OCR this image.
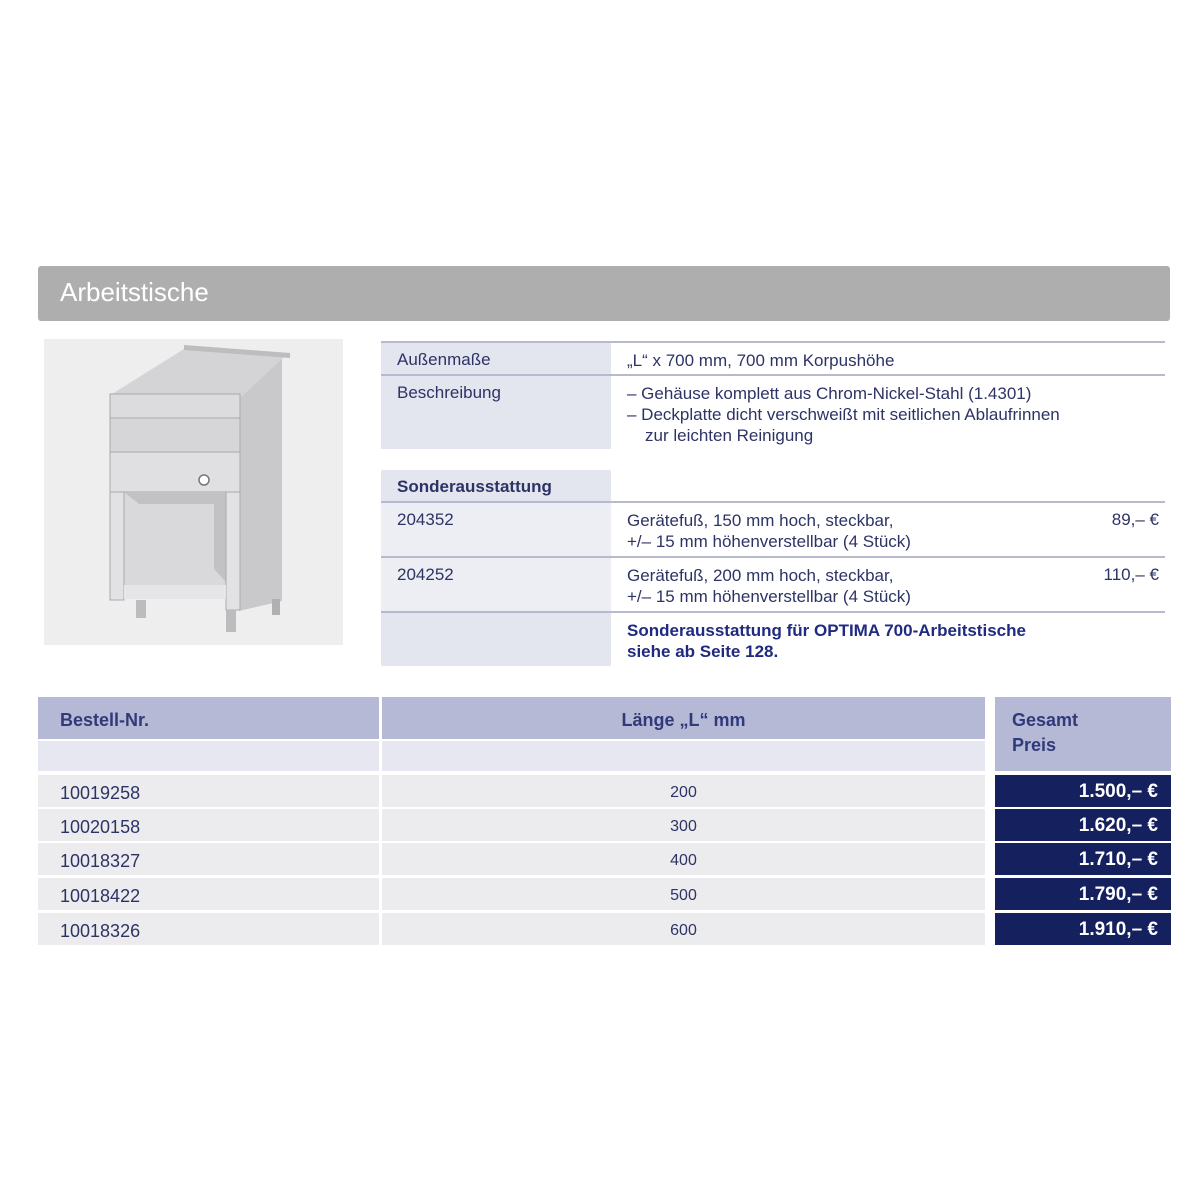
Arbeitstische
Außenmaße	„L“ x 700 mm, 700 mm Korpushöhe
Beschreibung	– Gehäuse komplett aus Chrom-Nickel-Stahl (1.4301)
– Deckplatte dicht verschweißt mit seitlichen Ablaufrinnen
zur leichten Reinigung
Sonderausstattung
204352	Gerätefuß, 150 mm hoch, steckbar,
+/– 15 mm höhenverstellbar (4 Stück)
89,– €
204252	Gerätefuß, 200 mm hoch, steckbar,
+/– 15 mm höhenverstellbar (4 Stück)
110,– €
Sonderausstattung für OPTIMA 700-Arbeitstische
siehe ab Seite 128.
Bestell-Nr.	Länge „L“ mm	Gesamt
Preis
10019258	200	1.500,– €
10020158	300	1.620,– €
10018327	400	1.710,– €
10018422	500	1.790,– €
10018326	600	1.910,– €
